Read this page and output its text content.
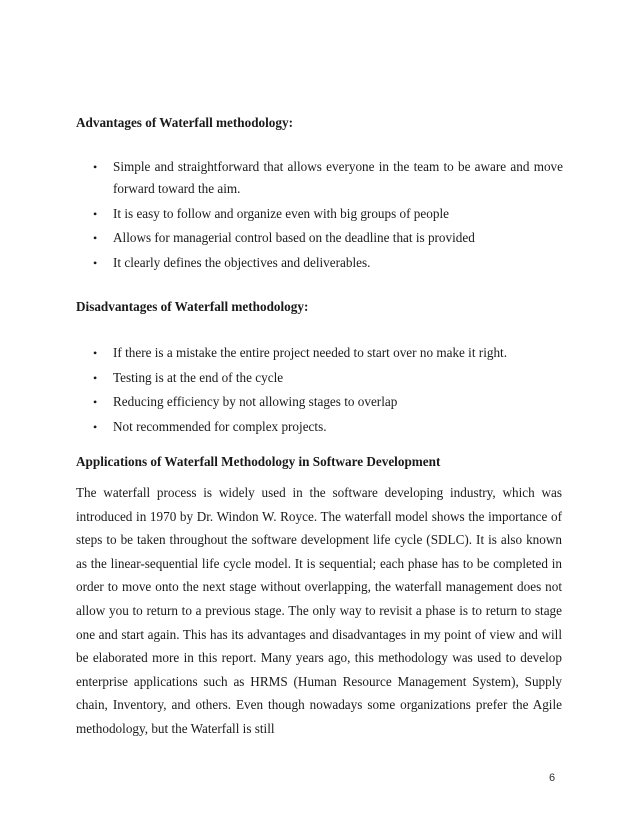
Advantages of Waterfall methodology:
• Simple and straightforward that allows everyone in the team to be aware and move forward toward the aim.
• It is easy to follow and organize even with big groups of people
• Allows for managerial control based on the deadline that is provided
• It clearly defines the objectives and deliverables.
Disadvantages of Waterfall methodology:
• If there is a mistake the entire project needed to start over no make it right.
• Testing is at the end of the cycle
• Reducing efficiency by not allowing stages to overlap
• Not recommended for complex projects.
Applications of Waterfall Methodology in Software Development

The waterfall process is widely used in the software developing industry, which was introduced in 1970 by Dr. Windon W. Royce. The waterfall model shows the importance of steps to be taken throughout the software development life cycle (SDLC). It is also known as the linear-sequential life cycle model. It is sequential; each phase has to be completed in order to move onto the next stage without overlapping, the waterfall management does not allow you to return to a previous stage. The only way to revisit a phase is to return to stage one and start again. This has its advantages and disadvantages in my point of view and will be elaborated more in this report. Many years ago, this methodology was used to develop enterprise applications such as HRMS (Human Resource Management System), Supply chain, Inventory, and others. Even though nowadays some organizations prefer the Agile methodology, but the Waterfall is still

6
